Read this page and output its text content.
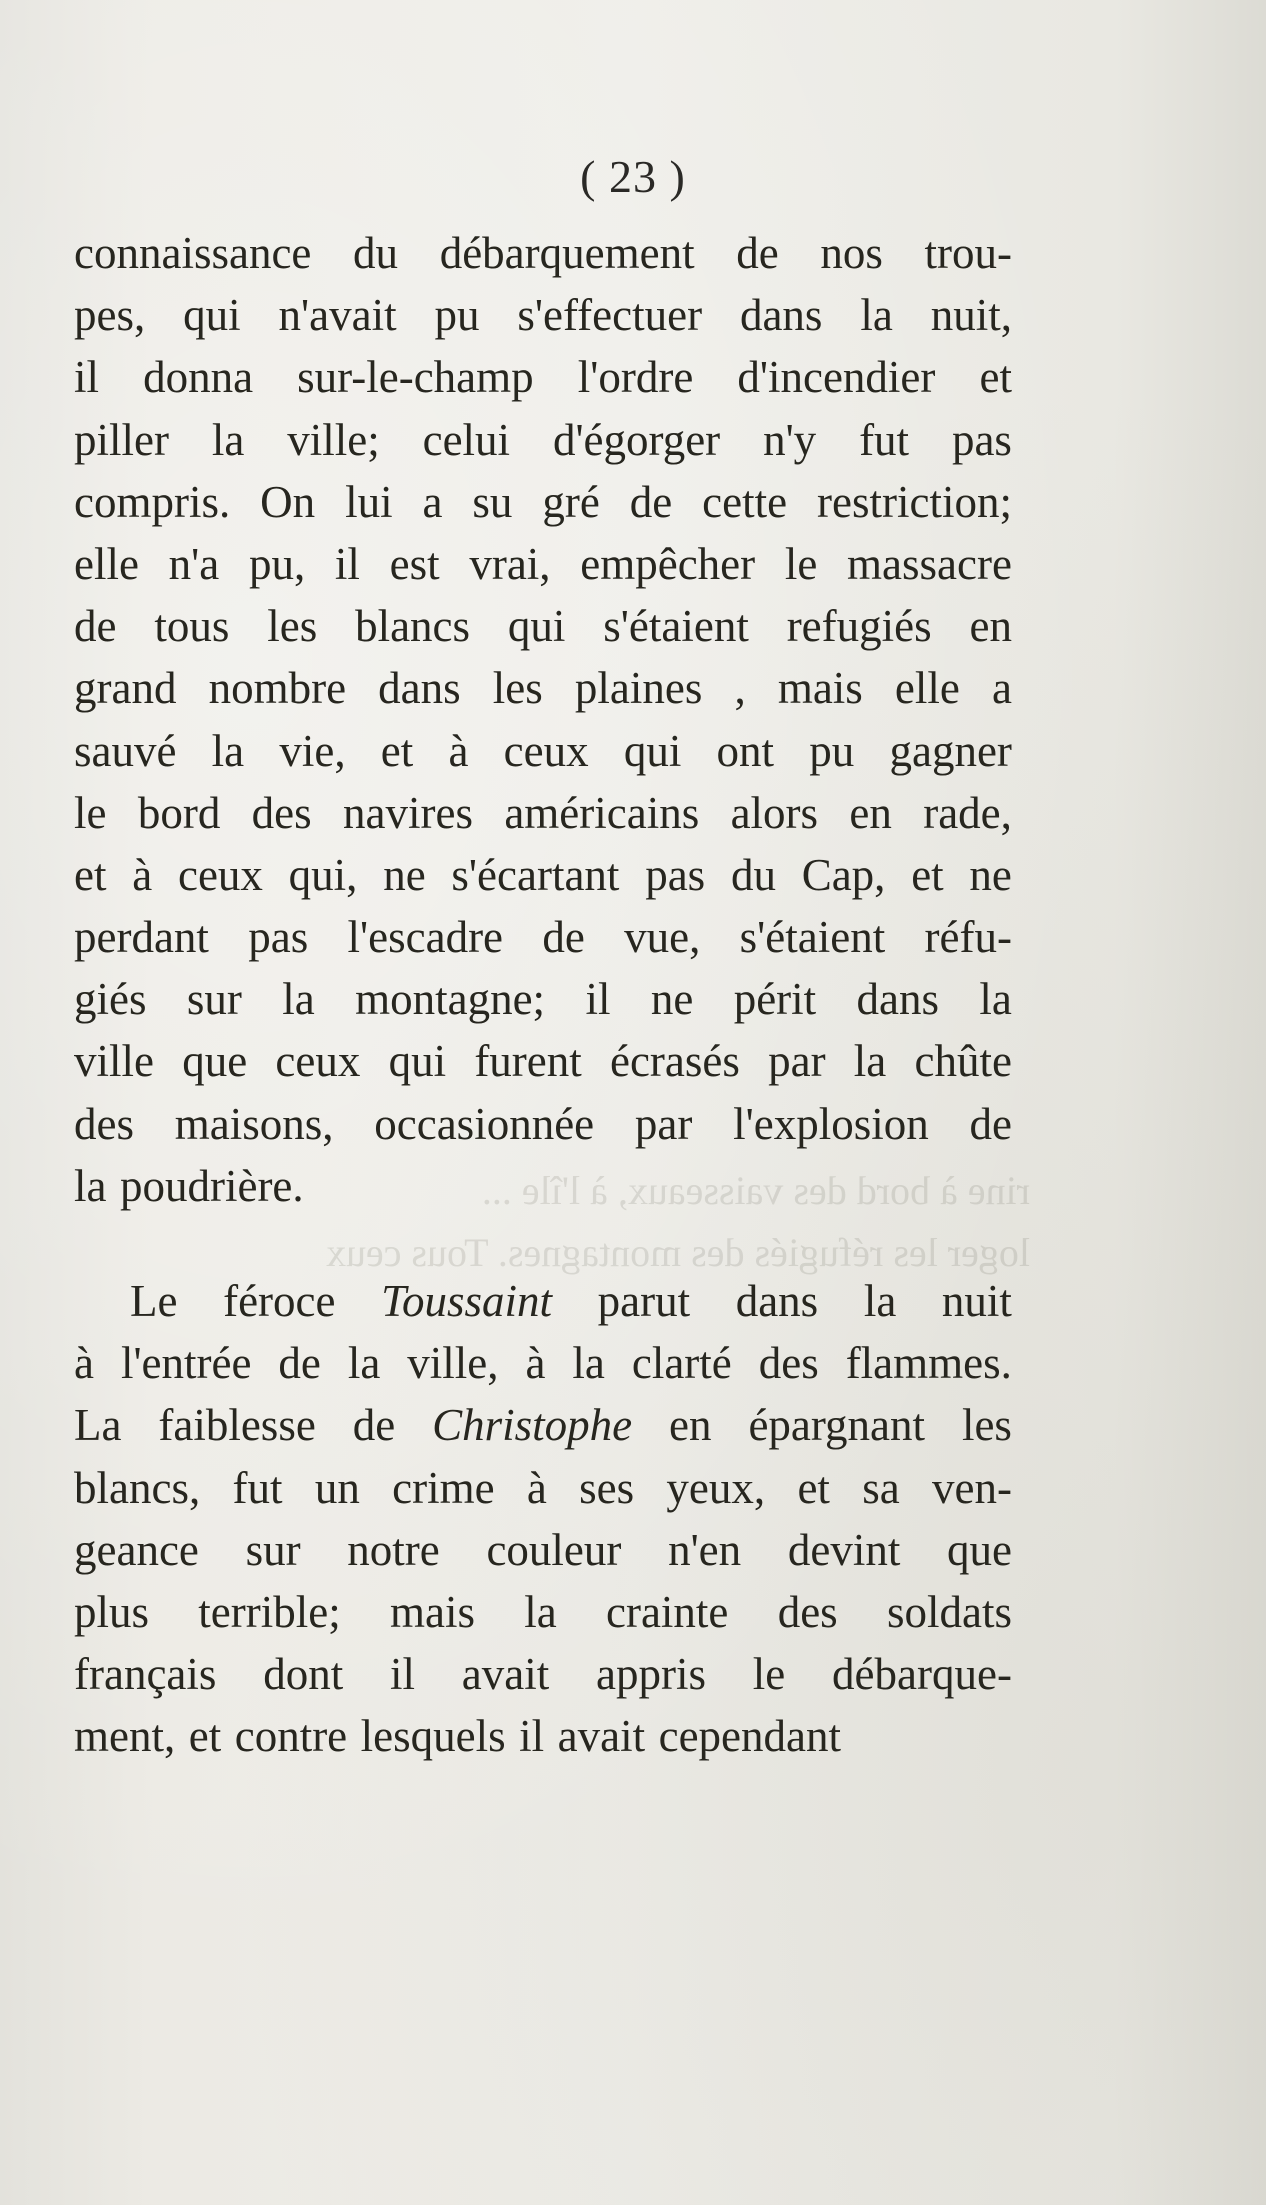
rine à bord des vaisseaux, à l'île ...
loger les réfugiés des montagnes. Tous ceux
( 23 )
connaissance du débarquement de nos trou-
pes, qui n'avait pu s'effectuer dans la nuit,
il donna sur-le-champ l'ordre d'incendier et
piller la ville; celui d'égorger n'y fut pas
compris. On lui a su gré de cette restriction;
elle n'a pu, il est vrai, empêcher le massacre
de tous les blancs qui s'étaient refugiés en
grand nombre dans les plaines , mais elle a
sauvé la vie, et à ceux qui ont pu gagner
le bord des navires américains alors en rade,
et à ceux qui, ne s'écartant pas du Cap, et ne
perdant pas l'escadre de vue, s'étaient réfu-
giés sur la montagne; il ne périt dans la
ville que ceux qui furent écrasés par la chûte
des maisons, occasionnée par l'explosion de
la poudrière.
Le féroce Toussaint parut dans la nuit
à l'entrée de la ville, à la clarté des flammes.
La faiblesse de Christophe en épargnant les
blancs, fut un crime à ses yeux, et sa ven-
geance sur notre couleur n'en devint que
plus terrible; mais la crainte des soldats
français dont il avait appris le débarque-
ment, et contre lesquels il avait cependant
